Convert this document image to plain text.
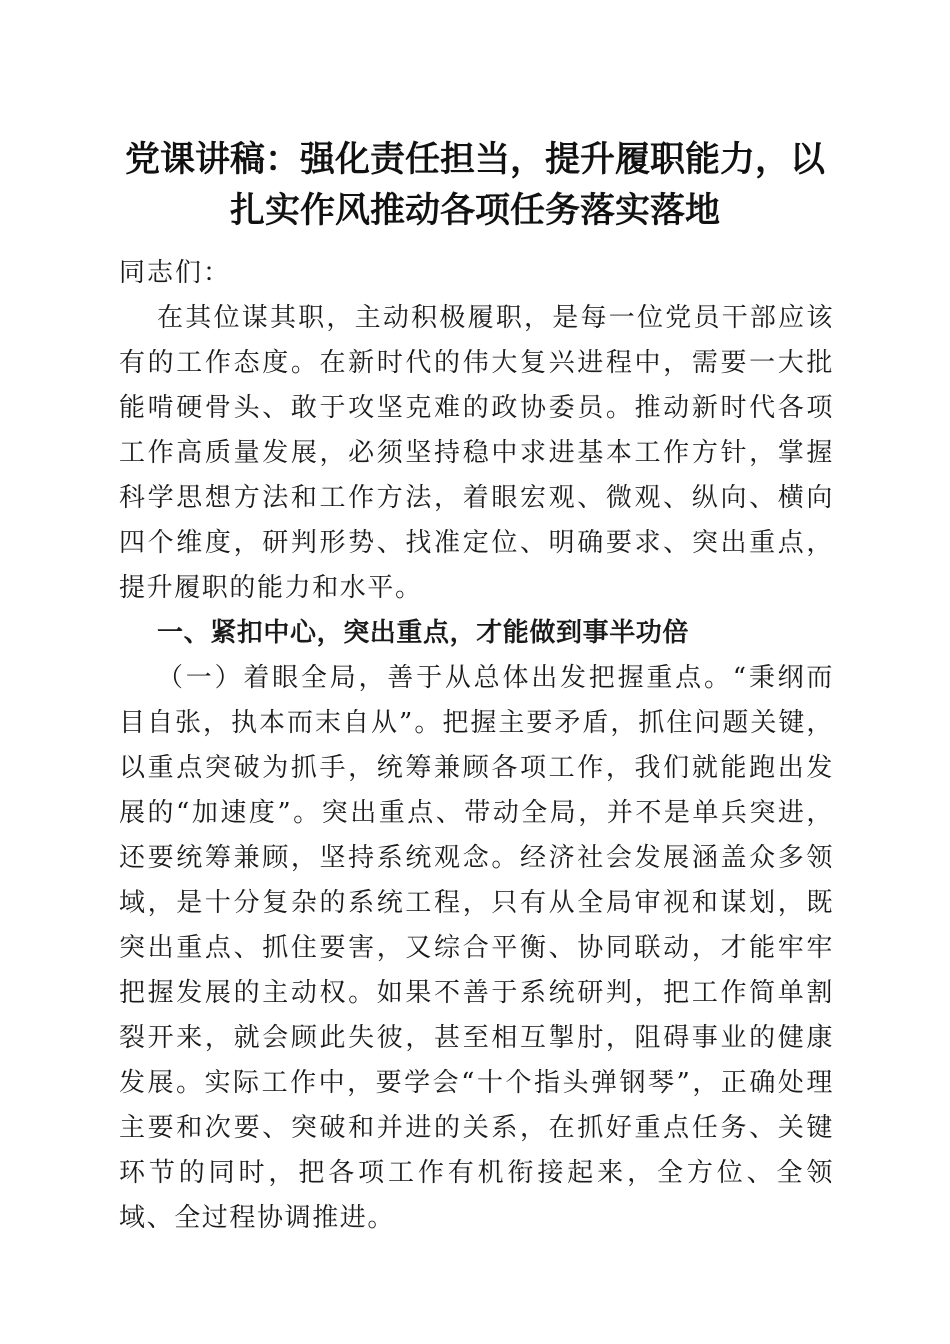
党课讲稿：强化责任担当，提升履职能力，以
扎实作风推动各项任务落实落地

同志们：

在其位谋其职，主动积极履职，是每一位党员干部应该有的工作态度。在新时代的伟大复兴进程中，需要一大批能啃硬骨头、敢于攻坚克难的政协委员。推动新时代各项工作高质量发展，必须坚持稳中求进基本工作方针，掌握科学思想方法和工作方法，着眼宏观、微观、纵向、横向四个维度，研判形势、找准定位、明确要求、突出重点，提升履职的能力和水平。

一、紧扣中心，突出重点，才能做到事半功倍

（一）着眼全局，善于从总体出发把握重点。“秉纲而目自张，执本而末自从”。把握主要矛盾，抓住问题关键，以重点突破为抓手，统筹兼顾各项工作，我们就能跑出发展的“加速度”。突出重点、带动全局，并不是单兵突进，还要统筹兼顾，坚持系统观念。经济社会发展涵盖众多领域，是十分复杂的系统工程，只有从全局审视和谋划，既突出重点、抓住要害，又综合平衡、协同联动，才能牢牢把握发展的主动权。如果不善于系统研判，把工作简单割裂开来，就会顾此失彼，甚至相互掣肘，阻碍事业的健康发展。实际工作中，要学会“十个指头弹钢琴”，正确处理主要和次要、突破和并进的关系，在抓好重点任务、关键环节的同时，把各项工作有机衔接起来，全方位、全领域、全过程协调推进。
